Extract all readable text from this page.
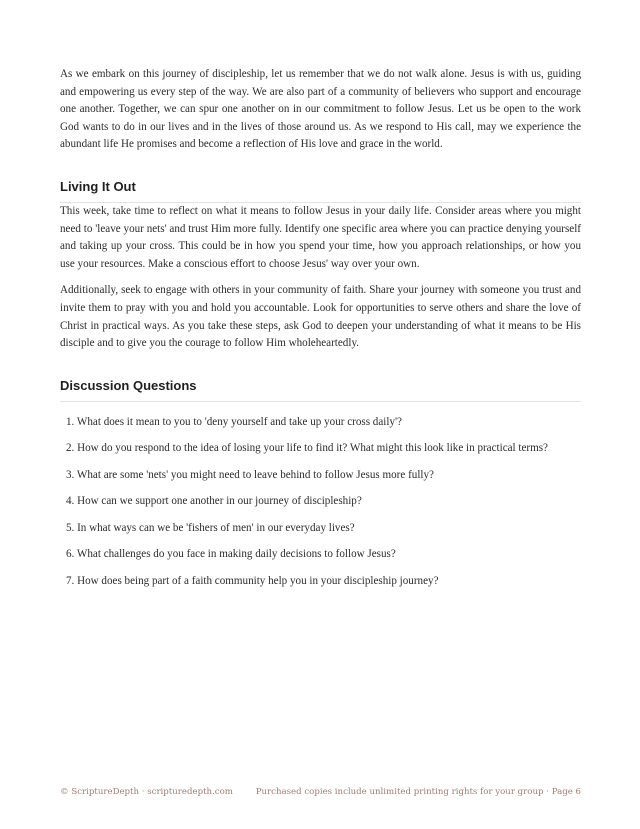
As we embark on this journey of discipleship, let us remember that we do not walk alone. Jesus is with us, guiding and empowering us every step of the way. We are also part of a community of believers who support and encourage one another. Together, we can spur one another on in our commitment to follow Jesus. Let us be open to the work God wants to do in our lives and in the lives of those around us. As we respond to His call, may we experience the abundant life He promises and become a reflection of His love and grace in the world.

Living It Out

This week, take time to reflect on what it means to follow Jesus in your daily life. Consider areas where you might need to 'leave your nets' and trust Him more fully. Identify one specific area where you can practice denying yourself and taking up your cross. This could be in how you spend your time, how you approach relationships, or how you use your resources. Make a conscious effort to choose Jesus' way over your own.

Additionally, seek to engage with others in your community of faith. Share your journey with someone you trust and invite them to pray with you and hold you accountable. Look for opportunities to serve others and share the love of Christ in practical ways. As you take these steps, ask God to deepen your understanding of what it means to be His disciple and to give you the courage to follow Him wholeheartedly.

Discussion Questions
1. What does it mean to you to 'deny yourself and take up your cross daily'?
2. How do you respond to the idea of losing your life to find it? What might this look like in practical terms?
3. What are some 'nets' you might need to leave behind to follow Jesus more fully?
4. How can we support one another in our journey of discipleship?
5. In what ways can we be 'fishers of men' in our everyday lives?
6. What challenges do you face in making daily decisions to follow Jesus?
7. How does being part of a faith community help you in your discipleship journey?
© ScriptureDepth · scripturedepth.com	Purchased copies include unlimited printing rights for your group · Page 6
